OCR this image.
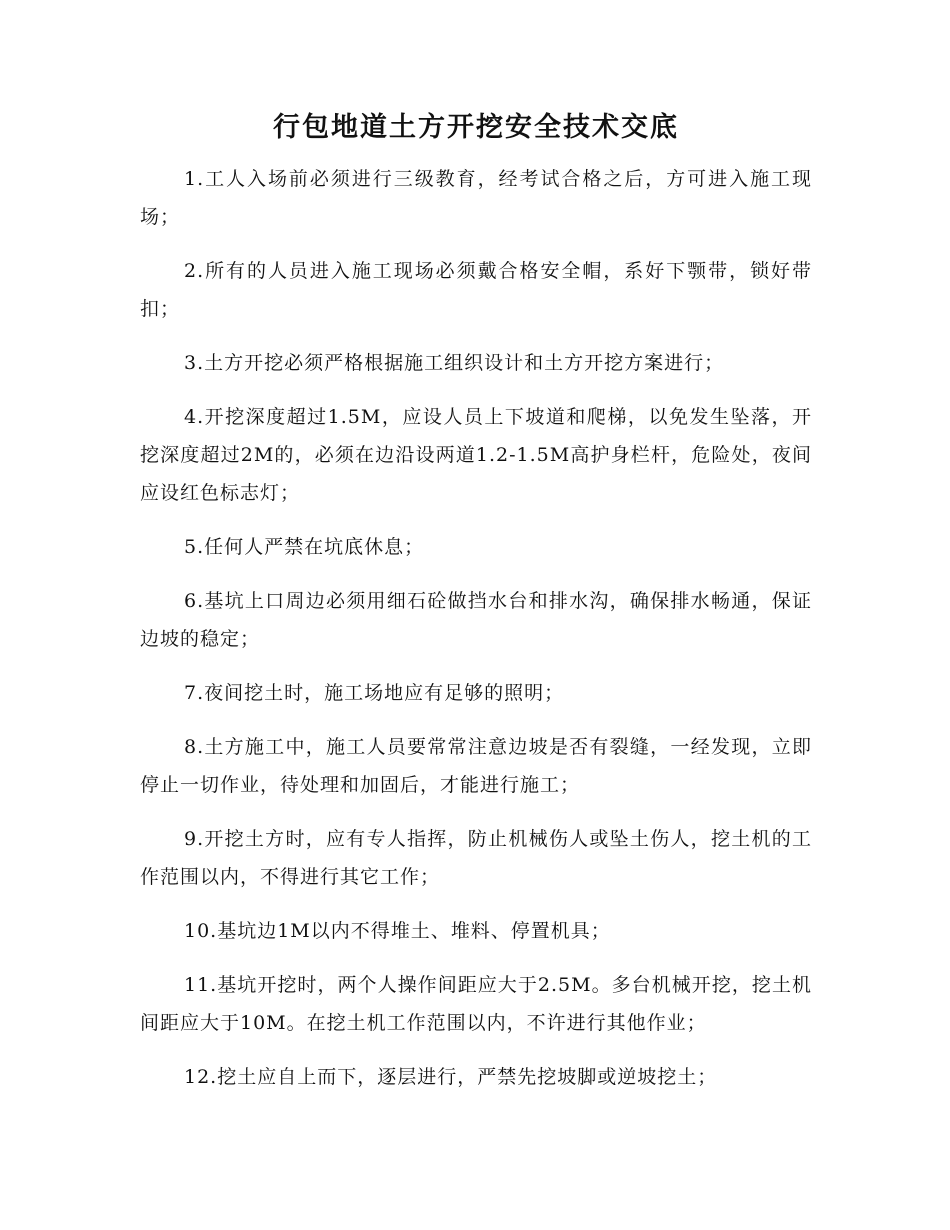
行包地道土方开挖安全技术交底

1.工人入场前必须进行三级教育，经考试合格之后，方可进入施工现场；

2.所有的人员进入施工现场必须戴合格安全帽，系好下颚带，锁好带扣；

3.土方开挖必须严格根据施工组织设计和土方开挖方案进行；

4.开挖深度超过1.5M，应设人员上下坡道和爬梯，以免发生坠落，开挖深度超过2M的，必须在边沿设两道1.2-1.5M高护身栏杆，危险处，夜间应设红色标志灯；

5.任何人严禁在坑底休息；

6.基坑上口周边必须用细石砼做挡水台和排水沟，确保排水畅通，保证边坡的稳定；

7.夜间挖土时，施工场地应有足够的照明；

8.土方施工中，施工人员要常常注意边坡是否有裂缝，一经发现，立即停止一切作业，待处理和加固后，才能进行施工；

9.开挖土方时，应有专人指挥，防止机械伤人或坠土伤人，挖土机的工作范围以内，不得进行其它工作；

10.基坑边1M以内不得堆土、堆料、停置机具；

11.基坑开挖时，两个人操作间距应大于2.5M。多台机械开挖，挖土机间距应大于10M。在挖土机工作范围以内，不许进行其他作业；

12.挖土应自上而下，逐层进行，严禁先挖坡脚或逆坡挖土；
